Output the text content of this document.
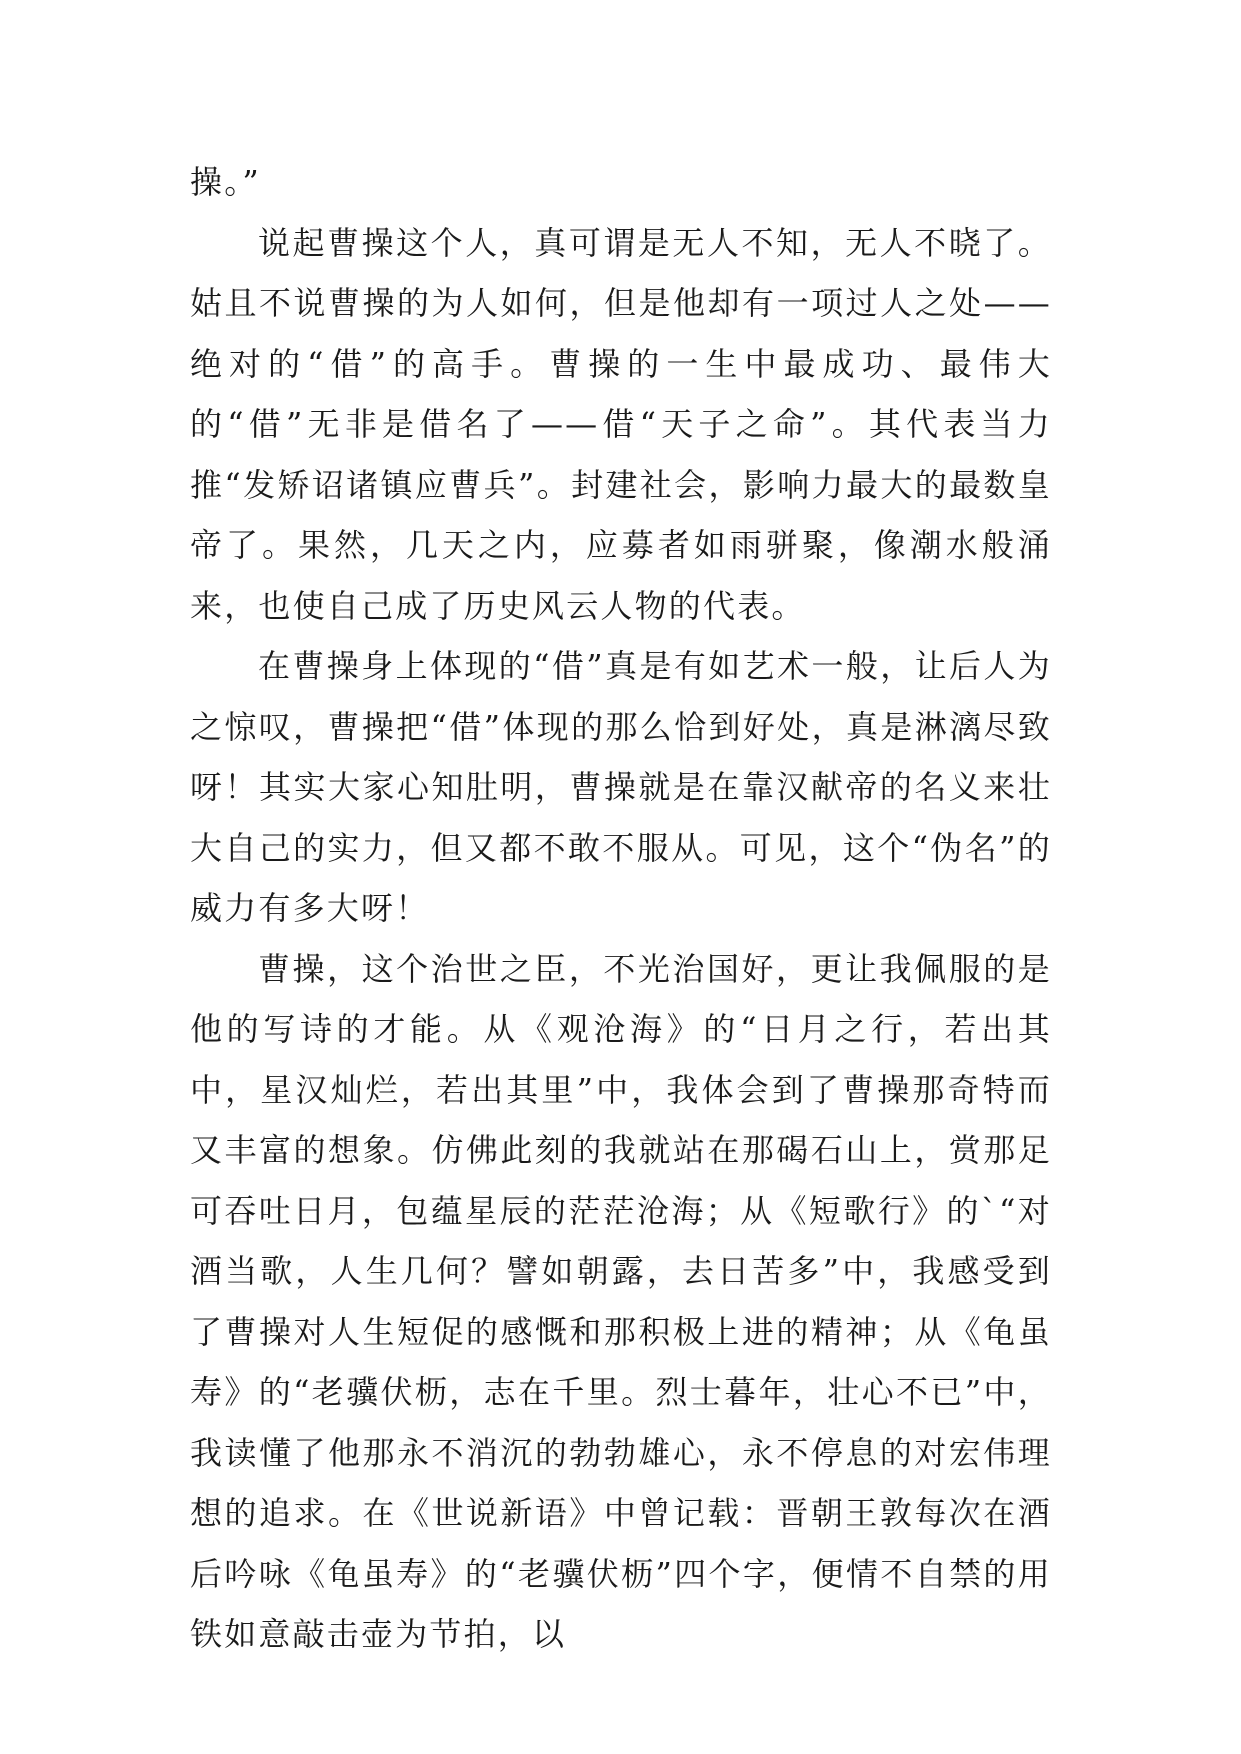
操。”

说起曹操这个人，真可谓是无人不知，无人不晓了。姑且不说曹操的为人如何，但是他却有一项过人之处——绝对的“借”的高手。曹操的一生中最成功、最伟大的“借”无非是借名了——借“天子之命”。其代表当力推“发矫诏诸镇应曹兵”。封建社会，影响力最大的最数皇帝了。果然，几天之内，应募者如雨骈聚，像潮水般涌来，也使自己成了历史风云人物的代表。

在曹操身上体现的“借”真是有如艺术一般，让后人为之惊叹，曹操把“借”体现的那么恰到好处，真是淋漓尽致呀！其实大家心知肚明，曹操就是在靠汉献帝的名义来壮大自己的实力，但又都不敢不服从。可见，这个“伪名”的威力有多大呀！

曹操，这个治世之臣，不光治国好，更让我佩服的是他的写诗的才能。从《观沧海》的“日月之行，若出其中，星汉灿烂，若出其里”中，我体会到了曹操那奇特而又丰富的想象。仿佛此刻的我就站在那碣石山上，赏那足可吞吐日月，包蕴星辰的茫茫沧海；从《短歌行》的`“对酒当歌，人生几何？譬如朝露，去日苦多”中，我感受到了曹操对人生短促的感慨和那积极上进的精神；从《龟虽寿》的“老骥伏枥，志在千里。烈士暮年，壮心不已”中，我读懂了他那永不消沉的勃勃雄心，永不停息的对宏伟理想的追求。在《世说新语》中曾记载：晋朝王敦每次在酒后吟咏《龟虽寿》的“老骥伏枥”四个字，便情不自禁的用铁如意敲击壶为节拍，以
